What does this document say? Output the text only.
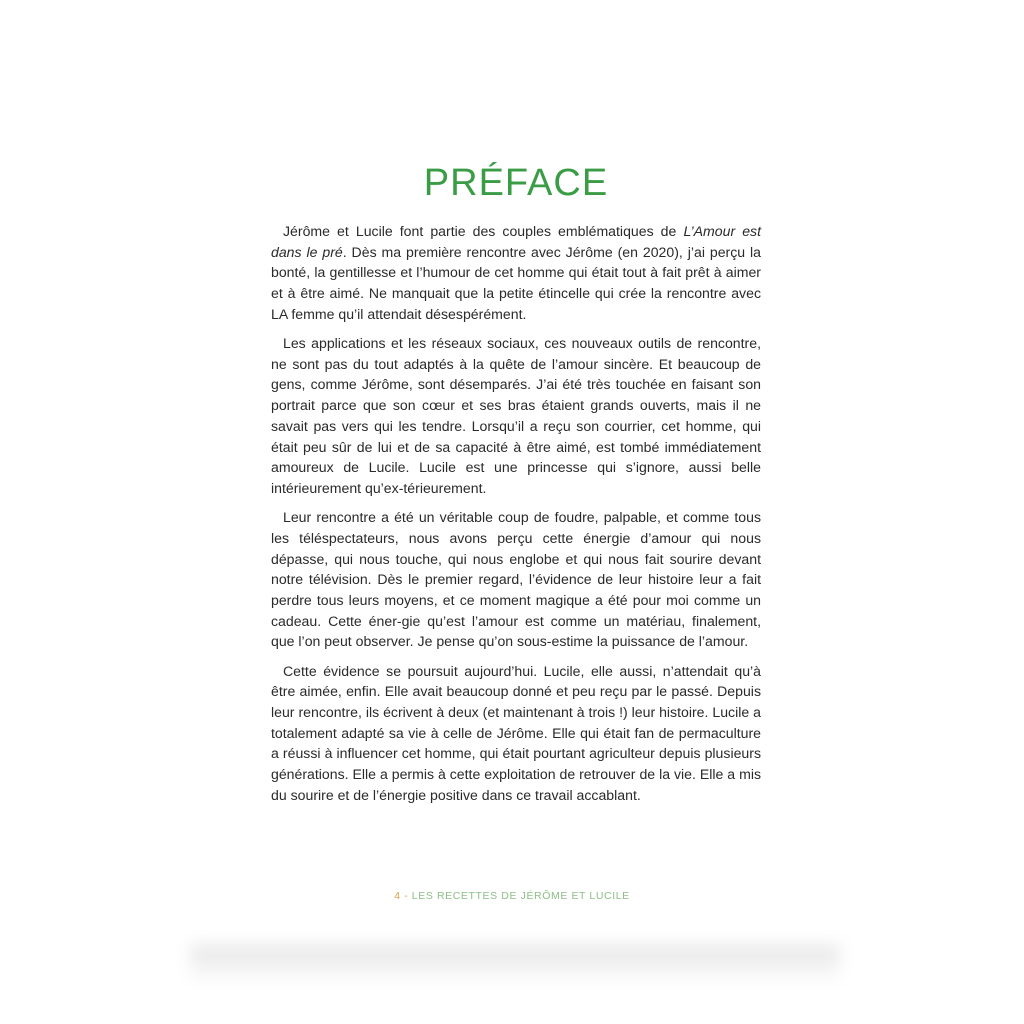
PRÉFACE

Jérôme et Lucile font partie des couples emblématiques de L’Amour est dans le pré. Dès ma première rencontre avec Jérôme (en 2020), j’ai perçu la bonté, la gentillesse et l’humour de cet homme qui était tout à fait prêt à aimer et à être aimé. Ne manquait que la petite étincelle qui crée la rencontre avec LA femme qu’il attendait désespérément.

Les applications et les réseaux sociaux, ces nouveaux outils de rencontre, ne sont pas du tout adaptés à la quête de l’amour sincère. Et beaucoup de gens, comme Jérôme, sont désemparés. J’ai été très touchée en faisant son portrait parce que son cœur et ses bras étaient grands ouverts, mais il ne savait pas vers qui les tendre. Lorsqu’il a reçu son courrier, cet homme, qui était peu sûr de lui et de sa capacité à être aimé, est tombé immédiatement amoureux de Lucile. Lucile est une princesse qui s’ignore, aussi belle intérieurement qu’ex-térieurement.

Leur rencontre a été un véritable coup de foudre, palpable, et comme tous les téléspectateurs, nous avons perçu cette énergie d’amour qui nous dépasse, qui nous touche, qui nous englobe et qui nous fait sourire devant notre télévision. Dès le premier regard, l’évidence de leur histoire leur a fait perdre tous leurs moyens, et ce moment magique a été pour moi comme un cadeau. Cette éner-gie qu’est l’amour est comme un matériau, finalement, que l’on peut observer. Je pense qu’on sous-estime la puissance de l’amour.

Cette évidence se poursuit aujourd’hui. Lucile, elle aussi, n’attendait qu’à être aimée, enfin. Elle avait beaucoup donné et peu reçu par le passé. Depuis leur rencontre, ils écrivent à deux (et maintenant à trois !) leur histoire. Lucile a totalement adapté sa vie à celle de Jérôme. Elle qui était fan de permaculture a réussi à influencer cet homme, qui était pourtant agriculteur depuis plusieurs générations. Elle a permis à cette exploitation de retrouver de la vie. Elle a mis du sourire et de l’énergie positive dans ce travail accablant.

4 - LES RECETTES DE JÉRÔME ET LUCILE
